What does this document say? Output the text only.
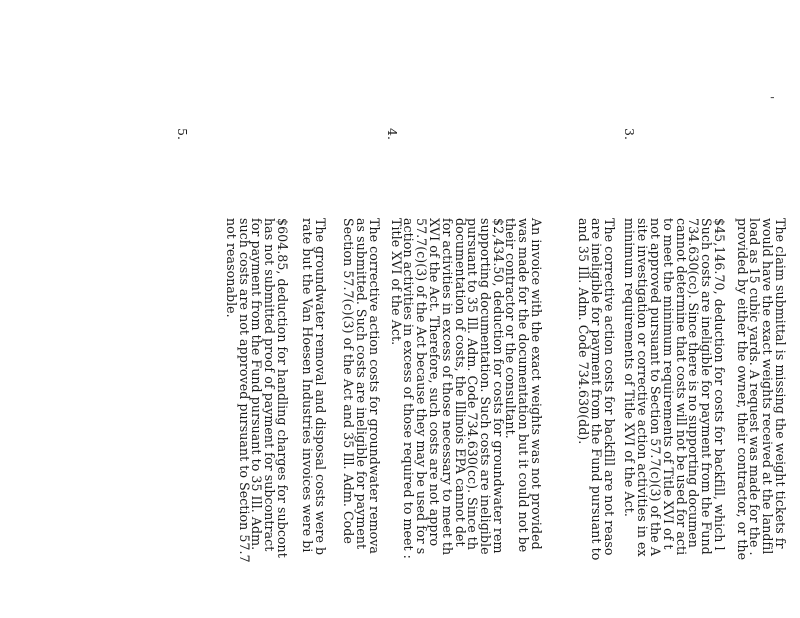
3.
The claim submittal is missing the weight tickets fr
would have the exact weights received at the landfil
load as 15 cubic yards. A request was made for the .
provided by either the owner, their contractor, or the
$45,146.70, deduction for costs for backfill, which l
Such costs are ineligible for payment from the Fund
734.630(cc). Since there is no supporting documen
cannot determine that costs will not be used for acti
to meet the minimum requirements of Title XVI of t
not approved pursuant to Section 57.7(c)(3) of the A
site investigation or corrective action activities in ex
minimum requirements of Title XVI of the Act.
The corrective action costs for backfill are not reaso
are ineligible for payment from the Fund pursuant to
and 35 Ill. Adm. Code 734.630(dd).
An invoice with the exact weights was not provided
was made for the documentation but it could not be
their contractor or the consultant.
4.
$2,434.50, deduction for costs for groundwater rem
supporting documentation. Such costs are ineligible
pursuant to 35 Ill. Adm. Code 734.630(cc). Since th
documentation of costs, the Illinois EPA cannot det
for activities in excess of those necessary to meet th
XVI of the Act. Therefore, such costs are not appro
57.7(c)(3) of the Act because they may be used for s
action activities in excess of those required to meet :
Title XVI of the Act.
The corrective action costs for groundwater remova
as submitted. Such costs are ineligible for payment
Section 57.7(c)(3) of the Act and 35 Ill. Adm. Code
The groundwater removal and disposal costs were b
rate but the Van Hoesen Industries invoices were bi
5.
$604.85, deduction for handling charges for subcont
has not submitted proof of payment for subcontract
for payment from the Fund pursuant to 35 Ill. Adm.
such costs are not approved pursuant to Section 57.7
not reasonable.
'
